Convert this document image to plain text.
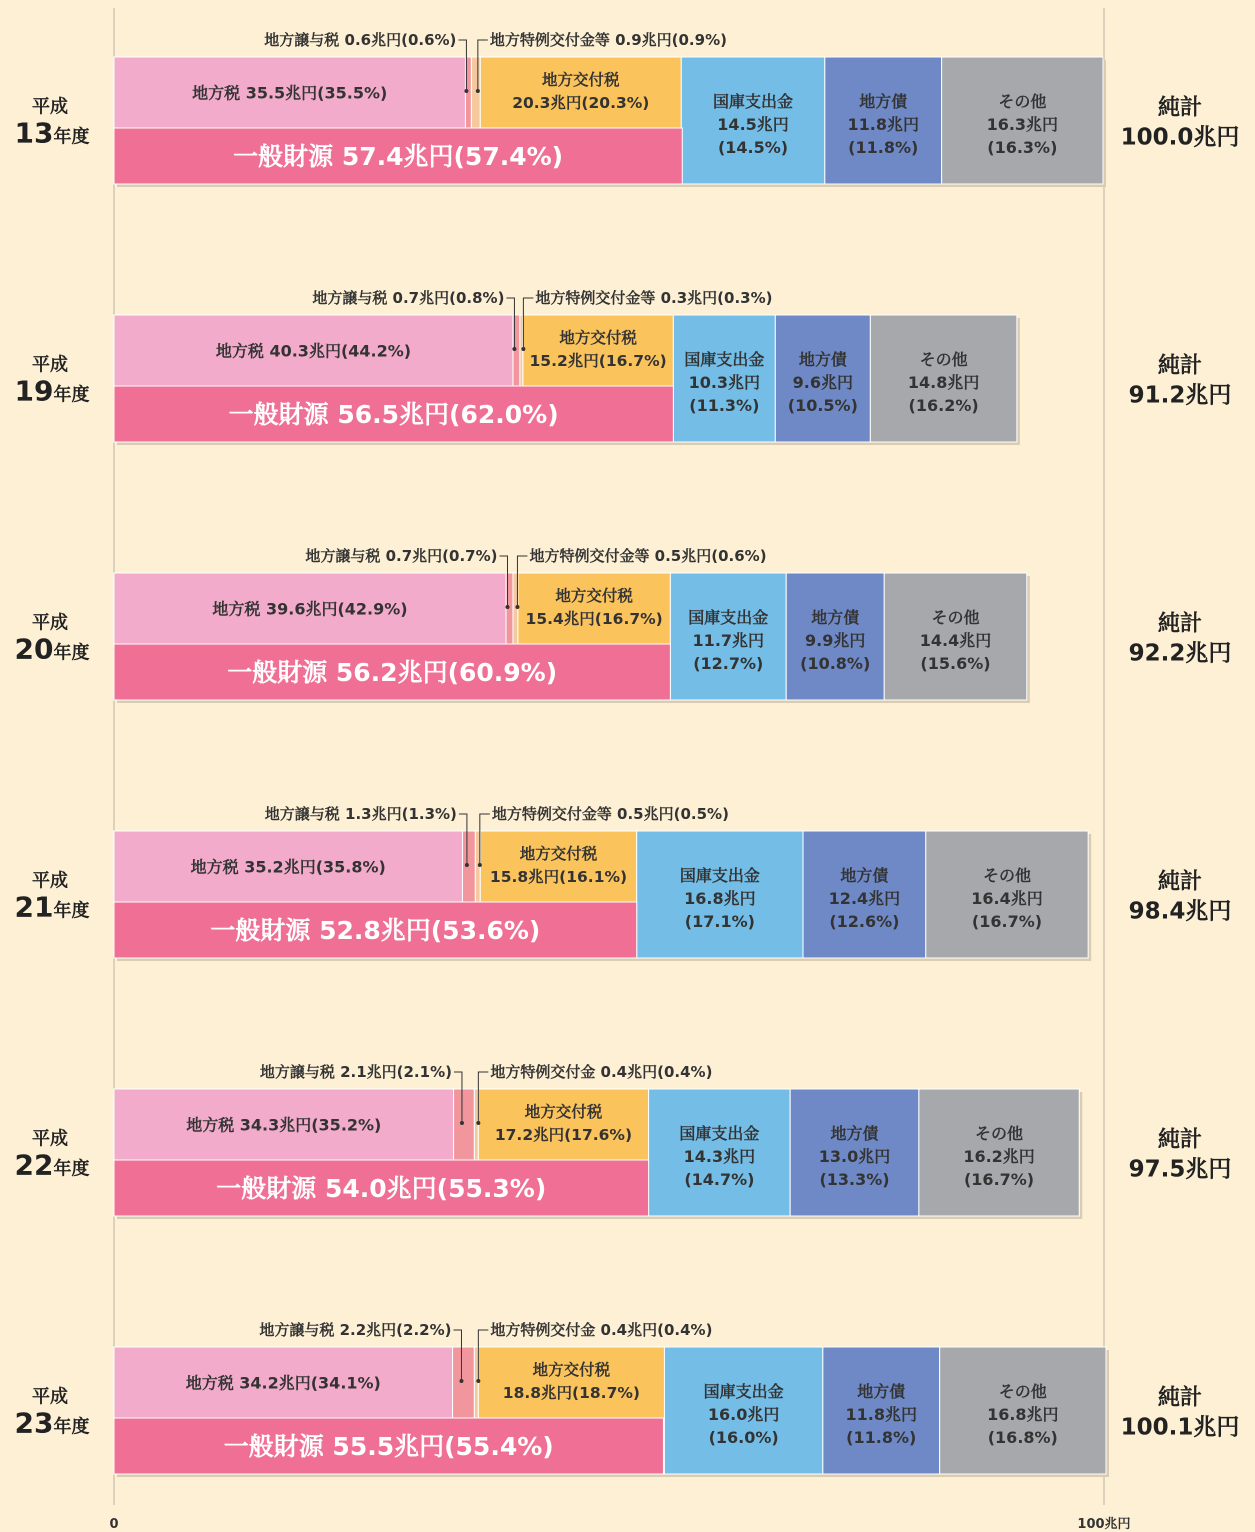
0	100兆円
平成
13年度
純計
100.0兆円
一般財源 57.4兆円(57.4%)
地方税 35.5兆円(35.5%)
地方交付税
20.3兆円(20.3%)	国庫支出金
14.5兆円
(14.5%)
地方債
11.8兆円
(11.8%)
その他
16.3兆円
(16.3%)
地方譲与税 0.6兆円(0.6%) 地方特例交付金等 0.9兆円(0.9%)
平成
19年度
純計
91.2兆円
一般財源 56.5兆円(62.0%)
地方税 40.3兆円(44.2%)
地方交付税
15.2兆円(16.7%) 国庫支出金
10.3兆円
(11.3%)
地方債
9.6兆円
(10.5%)
その他
14.8兆円
(16.2%)
地方譲与税 0.7兆円(0.8%) 地方特例交付金等 0.3兆円(0.3%)
平成
20年度
純計
92.2兆円
一般財源 56.2兆円(60.9%)
地方税 39.6兆円(42.9%)
地方交付税
15.4兆円(16.7%) 国庫支出金
11.7兆円
(12.7%)
地方債
9.9兆円
(10.8%)
その他
14.4兆円
(15.6%)
地方譲与税 0.7兆円(0.7%) 地方特例交付金等 0.5兆円(0.6%)
平成
21年度
純計
98.4兆円
一般財源 52.8兆円(53.6%)
地方税 35.2兆円(35.8%)
地方交付税
15.8兆円(16.1%)	国庫支出金
16.8兆円
(17.1%)
地方債
12.4兆円
(12.6%)
その他
16.4兆円
(16.7%)
地方譲与税 1.3兆円(1.3%) 地方特例交付金等 0.5兆円(0.5%)
平成
22年度
純計
97.5兆円
一般財源 54.0兆円(55.3%)
地方税 34.3兆円(35.2%)
地方交付税
17.2兆円(17.6%)	国庫支出金
14.3兆円
(14.7%)
地方債
13.0兆円
(13.3%)
その他
16.2兆円
(16.7%)
地方譲与税 2.1兆円(2.1%)	地方特例交付金 0.4兆円(0.4%)
平成
23年度
純計
100.1兆円
一般財源 55.5兆円(55.4%)
地方税 34.2兆円(34.1%)
地方交付税
18.8兆円(18.7%)	国庫支出金
16.0兆円
(16.0%)
地方債
11.8兆円
(11.8%)
その他
16.8兆円
(16.8%)
地方譲与税 2.2兆円(2.2%)	地方特例交付金 0.4兆円(0.4%)
